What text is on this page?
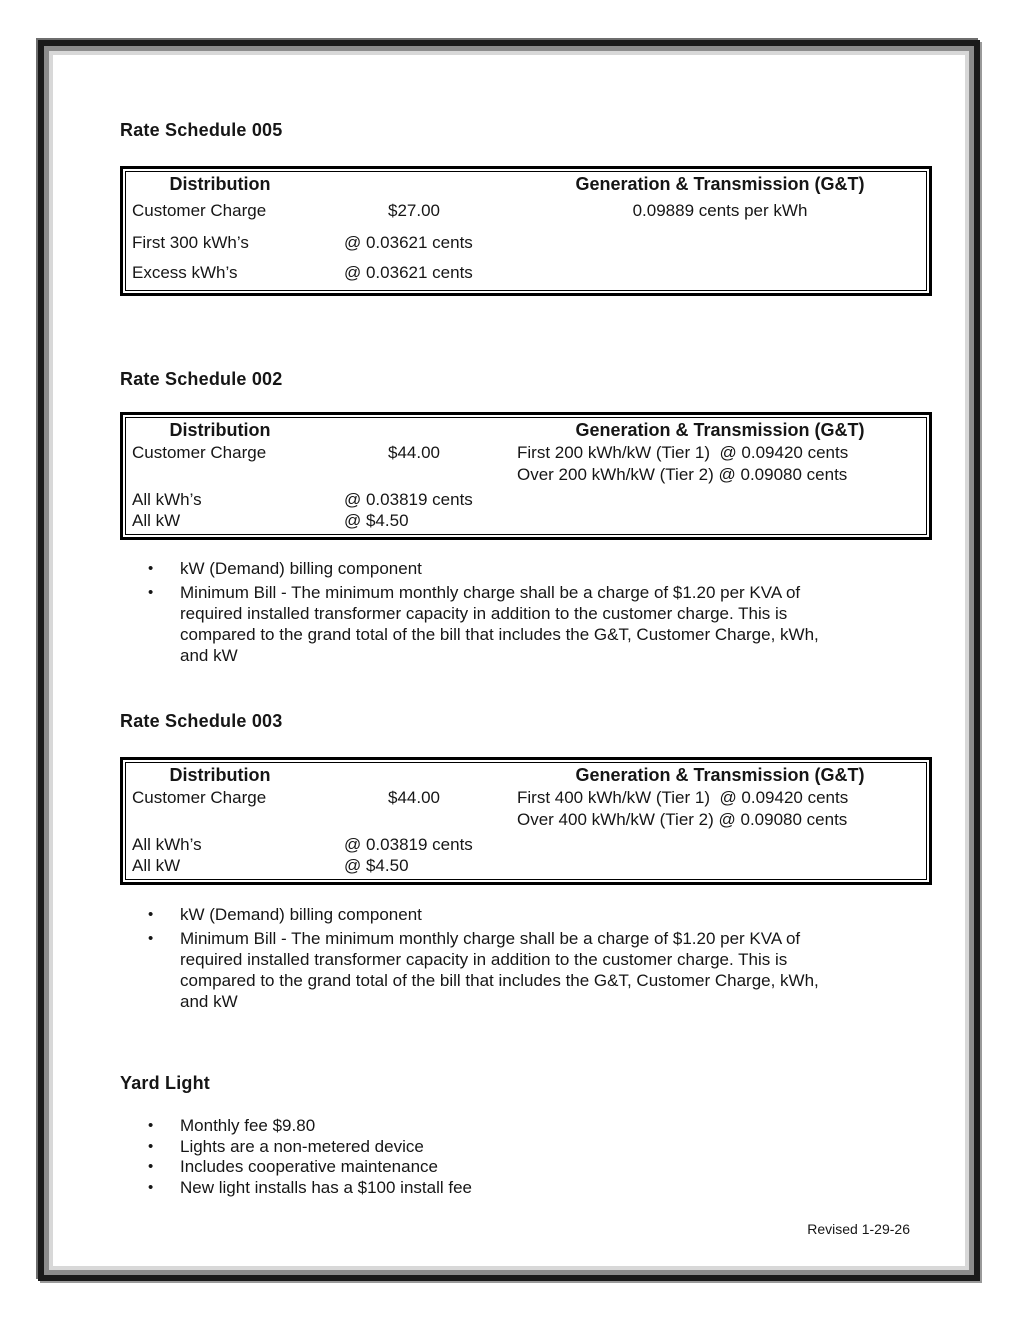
Rate Schedule 005
Distribution	Generation & Transmission (G&T)
Customer Charge	$27.00	0.09889 cents per kWh
First 300 kWh’s	@ 0.03621 cents
Excess kWh’s	@ 0.03621 cents
Rate Schedule 002
Distribution	Generation & Transmission (G&T)
Customer Charge	$44.00	First 200 kWh/kW (Tier 1)  @ 0.09420 cents
Over 200 kWh/kW (Tier 2) @ 0.09080 cents
All kWh’s	@ 0.03819 cents
All kW	@ $4.50
•	kW (Demand) billing component
•	Minimum Bill - The minimum monthly charge shall be a charge of $1.20 per KVA of
required installed transformer capacity in addition to the customer charge. This is
compared to the grand total of the bill that includes the G&T, Customer Charge, kWh,
and kW
Rate Schedule 003
Distribution	Generation & Transmission (G&T)
Customer Charge	$44.00	First 400 kWh/kW (Tier 1)  @ 0.09420 cents
Over 400 kWh/kW (Tier 2) @ 0.09080 cents
All kWh’s	@ 0.03819 cents
All kW	@ $4.50
•	kW (Demand) billing component
•	Minimum Bill - The minimum monthly charge shall be a charge of $1.20 per KVA of
required installed transformer capacity in addition to the customer charge. This is
compared to the grand total of the bill that includes the G&T, Customer Charge, kWh,
and kW
Yard Light
•	Monthly fee $9.80
•	Lights are a non-metered device
•	Includes cooperative maintenance
•	New light installs has a $100 install fee
Revised 1-29-26
